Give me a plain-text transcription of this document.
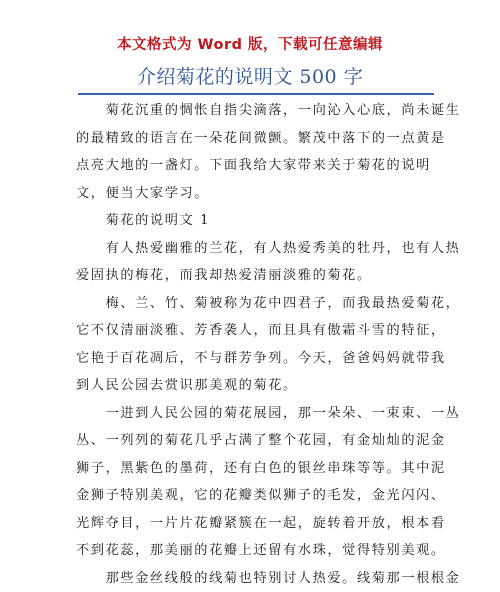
本文格式为 Word 版，下载可任意编辑
介绍菊花的说明文 500 字
　　菊花沉重的惆怅自指尖滴落，一向沁入心底，尚未诞生
的最精致的语言在一朵花间微颤。繁茂中落下的一点黄是
点亮大地的一盏灯。下面我给大家带来关于菊花的说明
文，便当大家学习。
　　菊花的说明文 1
　　有人热爱幽雅的兰花，有人热爱秀美的牡丹，也有人热
爱固执的梅花，而我却热爱清丽淡雅的菊花。
　　梅、兰、竹、菊被称为花中四君子，而我最热爱菊花，
它不仅清丽淡雅、芳香袭人，而且具有傲霜斗雪的特征，
它艳于百花凋后，不与群芳争列。今天，爸爸妈妈就带我
到人民公园去赏识那美观的菊花。
　　一进到人民公园的菊花展园，那一朵朵、一束束、一丛
丛、一列列的菊花几乎占满了整个花园，有金灿灿的泥金
狮子，黑紫色的墨荷，还有白色的银丝串珠等等。其中泥
金狮子特别美观，它的花瓣类似狮子的毛发，金光闪闪、
光辉夺目，一片片花瓣紧簇在一起，旋转着开放，根本看
不到花蕊，那美丽的花瓣上还留有水珠，觉得特别美观。
　　那些金丝线般的线菊也特别讨人热爱。线菊那一根根金
